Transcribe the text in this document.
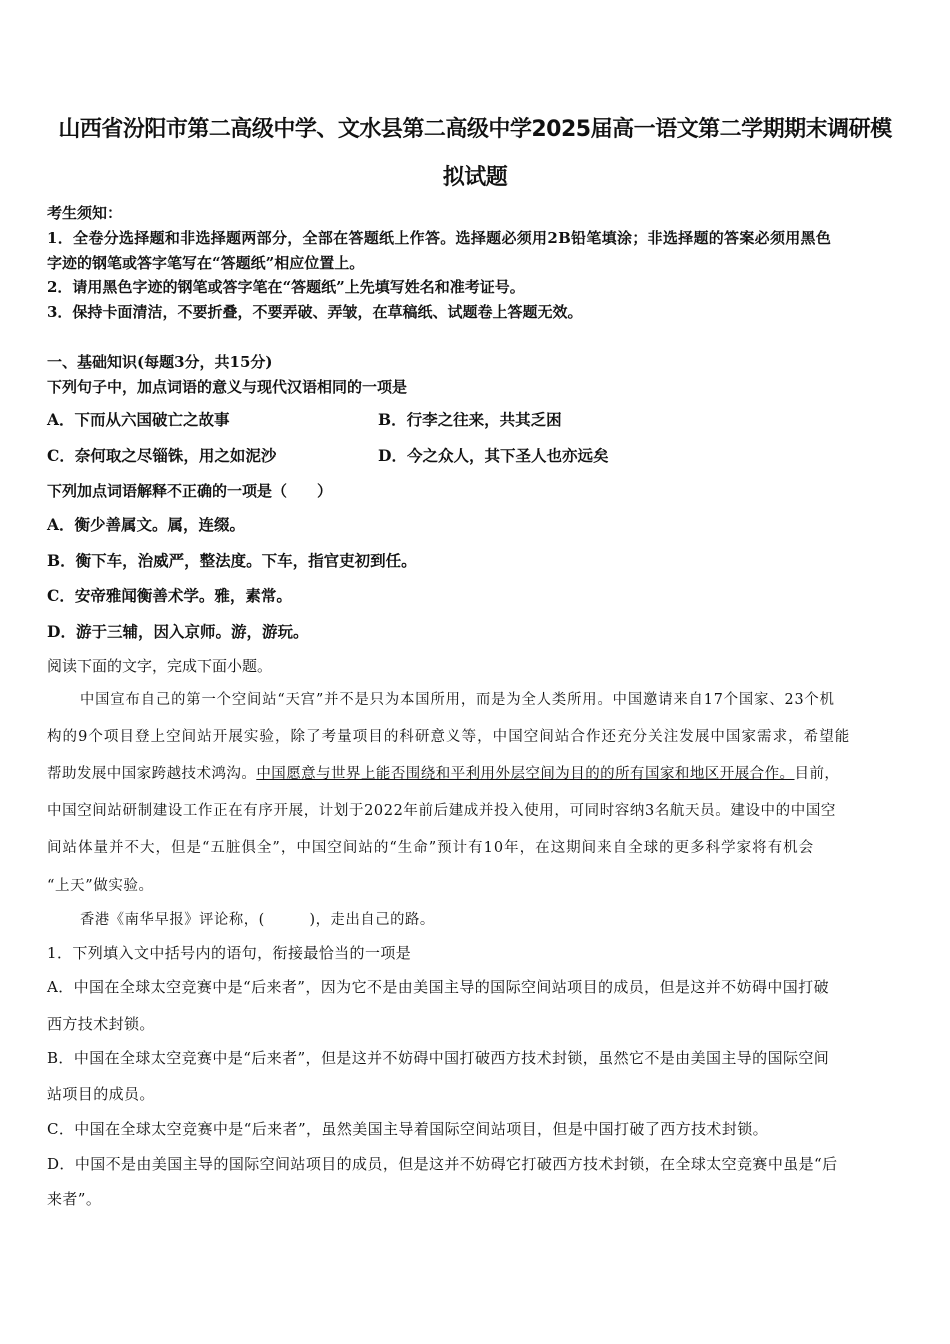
山西省汾阳市第二高级中学、文水县第二高级中学2025届高一语文第二学期期末调研模
拟试题
考生须知：
1．全卷分选择题和非选择题两部分，全部在答题纸上作答。选择题必须用2B铅笔填涂；非选择题的答案必须用黑色
字迹的钢笔或答字笔写在“答题纸”相应位置上。
2．请用黑色字迹的钢笔或答字笔在“答题纸”上先填写姓名和准考证号。
3．保持卡面清洁，不要折叠，不要弄破、弄皱，在草稿纸、试题卷上答题无效。
一、基础知识(每题3分，共15分)
下列句子中，加点词语的意义与现代汉语相同的一项是
A．下而从六国破亡之故事	B．行李之往来，共其乏困
C．奈何取之尽锱铢，用之如泥沙	D．今之众人，其下圣人也亦远矣
下列加点词语解释不正确的一项是（　　）
A．衡少善属文。属，连缀。
B．衡下车，治威严，整法度。下车，指官吏初到任。
C．安帝雅闻衡善术学。雅，素常。
D．游于三辅，因入京师。游，游玩。
阅读下面的文字，完成下面小题。
中国宣布自己的第一个空间站“天宫”并不是只为本国所用，而是为全人类所用。中国邀请来自17个国家、23个机
构的9个项目登上空间站开展实验，除了考量项目的科研意义等，中国空间站合作还充分关注发展中国家需求，希望能
帮助发展中国家跨越技术鸿沟。中国愿意与世界上能否围绕和平利用外层空间为目的的所有国家和地区开展合作。目前，
中国空间站研制建设工作正在有序开展，计划于2022年前后建成并投入使用，可同时容纳3名航天员。建设中的中国空
间站体量并不大，但是“五脏俱全”，中国空间站的“生命”预计有10年，在这期间来自全球的更多科学家将有机会
“上天”做实验。
香港《南华早报》评论称，(　　　)，走出自己的路。
1．下列填入文中括号内的语句，衔接最恰当的一项是
A．中国在全球太空竞赛中是“后来者”，因为它不是由美国主导的国际空间站项目的成员，但是这并不妨碍中国打破
西方技术封锁。
B．中国在全球太空竞赛中是“后来者”，但是这并不妨碍中国打破西方技术封锁，虽然它不是由美国主导的国际空间
站项目的成员。
C．中国在全球太空竞赛中是“后来者”，虽然美国主导着国际空间站项目，但是中国打破了西方技术封锁。
D．中国不是由美国主导的国际空间站项目的成员，但是这并不妨碍它打破西方技术封锁，在全球太空竞赛中虽是“后
来者”。
